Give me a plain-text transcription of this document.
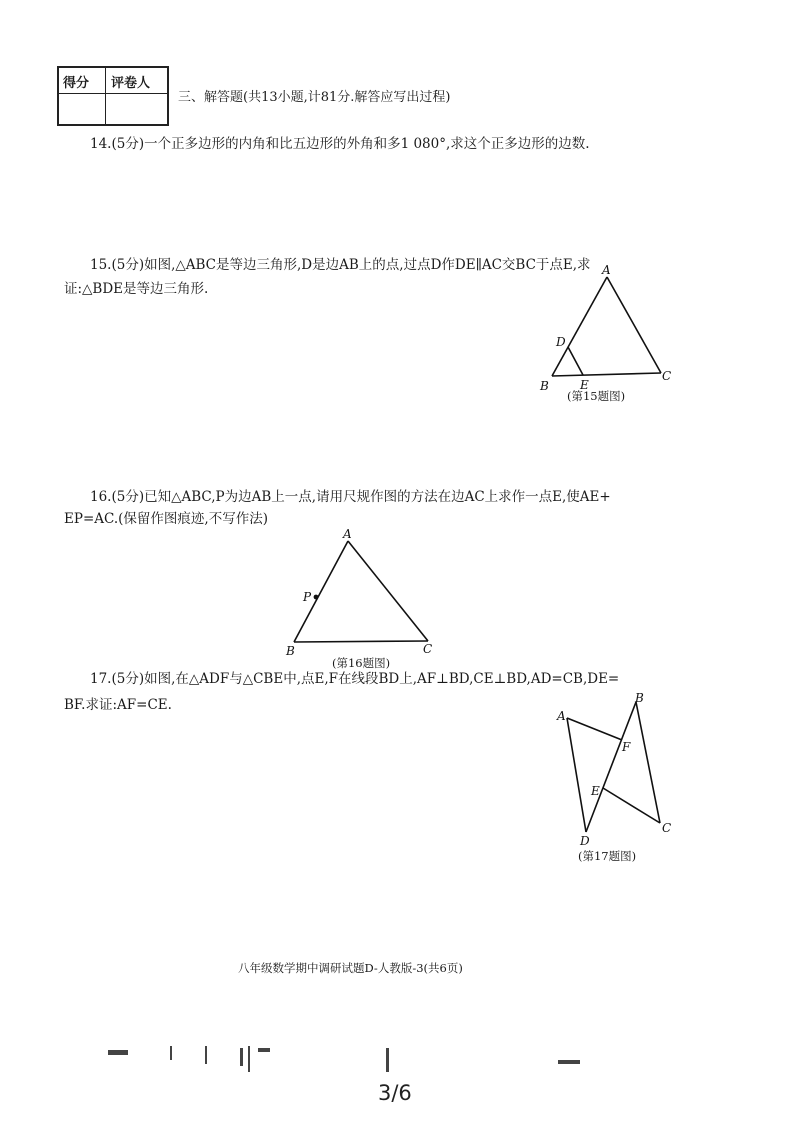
得分 评卷人
三、解答题(共13小题,计81分.解答应写出过程)
14.(5分)一个正多边形的内角和比五边形的外角和多1 080°,求这个正多边形的边数.
15.(5分)如图,△ABC是等边三角形,D是边AB上的点,过点D作DE∥AC交BC于点E,求
证:△BDE是等边三角形.
A
B
C
D
E
(第15题图)
16.(5分)已知△ABC,P为边AB上一点,请用尺规作图的方法在边AC上求作一点E,使AE+
EP=AC.(保留作图痕迹,不写作法)
A
B	C
P
(第16题图)
17.(5分)如图,在△ADF与△CBE中,点E,F在线段BD上,AF⊥BD,CE⊥BD,AD=CB,DE=
BF.求证:AF=CE.
A
B
C
D
E
F
(第17题图)
八年级数学期中调研试题D-人教版-3(共6页)
3/6
